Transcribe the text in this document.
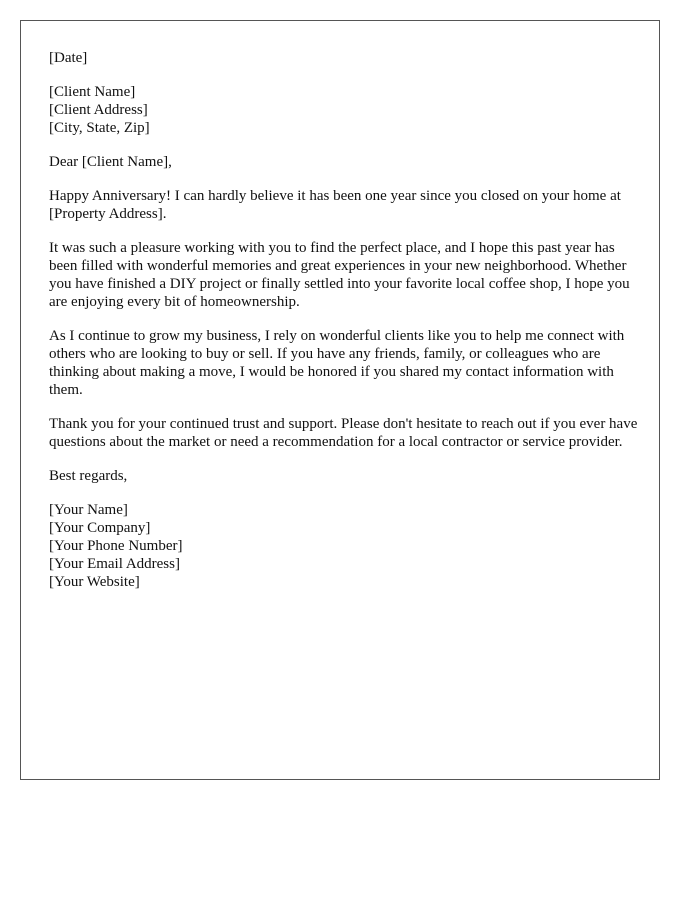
[Date]
[Client Name]
[Client Address]
[City, State, Zip]

Dear [Client Name],

Happy Anniversary! I can hardly believe it has been one year since you closed on your home at [Property Address].

It was such a pleasure working with you to find the perfect place, and I hope this past year has been filled with wonderful memories and great experiences in your new neighborhood. Whether you have finished a DIY project or finally settled into your favorite local coffee shop, I hope you are enjoying every bit of homeownership.

As I continue to grow my business, I rely on wonderful clients like you to help me connect with others who are looking to buy or sell. If you have any friends, family, or colleagues who are thinking about making a move, I would be honored if you shared my contact information with them.

Thank you for your continued trust and support. Please don't hesitate to reach out if you ever have questions about the market or need a recommendation for a local contractor or service provider.

Best regards,

[Your Name]
[Your Company]
[Your Phone Number]
[Your Email Address]
[Your Website]
